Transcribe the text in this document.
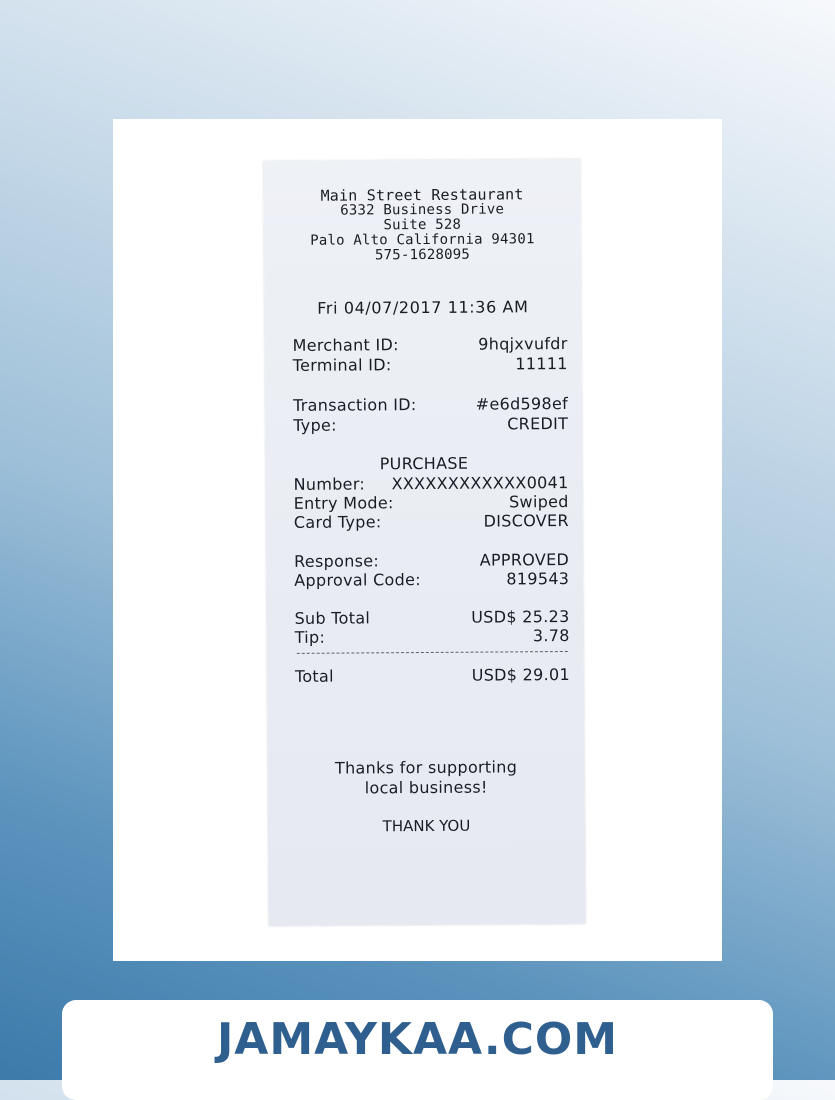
Main Street Restaurant
6332 Business Drive
Suite 528
Palo Alto California 94301
575-1628095
Fri 04/07/2017 11:36 AM
Merchant ID:	9hqjxvufdr
Terminal ID:	11111
Transaction ID:	#e6d598ef
Type:	CREDIT
PURCHASE
Number: XXXXXXXXXXXX0041
Entry Mode:	Swiped
Card Type:	DISCOVER
Response:	APPROVED
Approval Code:	819543
Sub Total	USD$ 25.23
Tip:	3.78
Total	USD$ 29.01
Thanks for supporting
local business!
THANK YOU
JAMAYKAA.COM
